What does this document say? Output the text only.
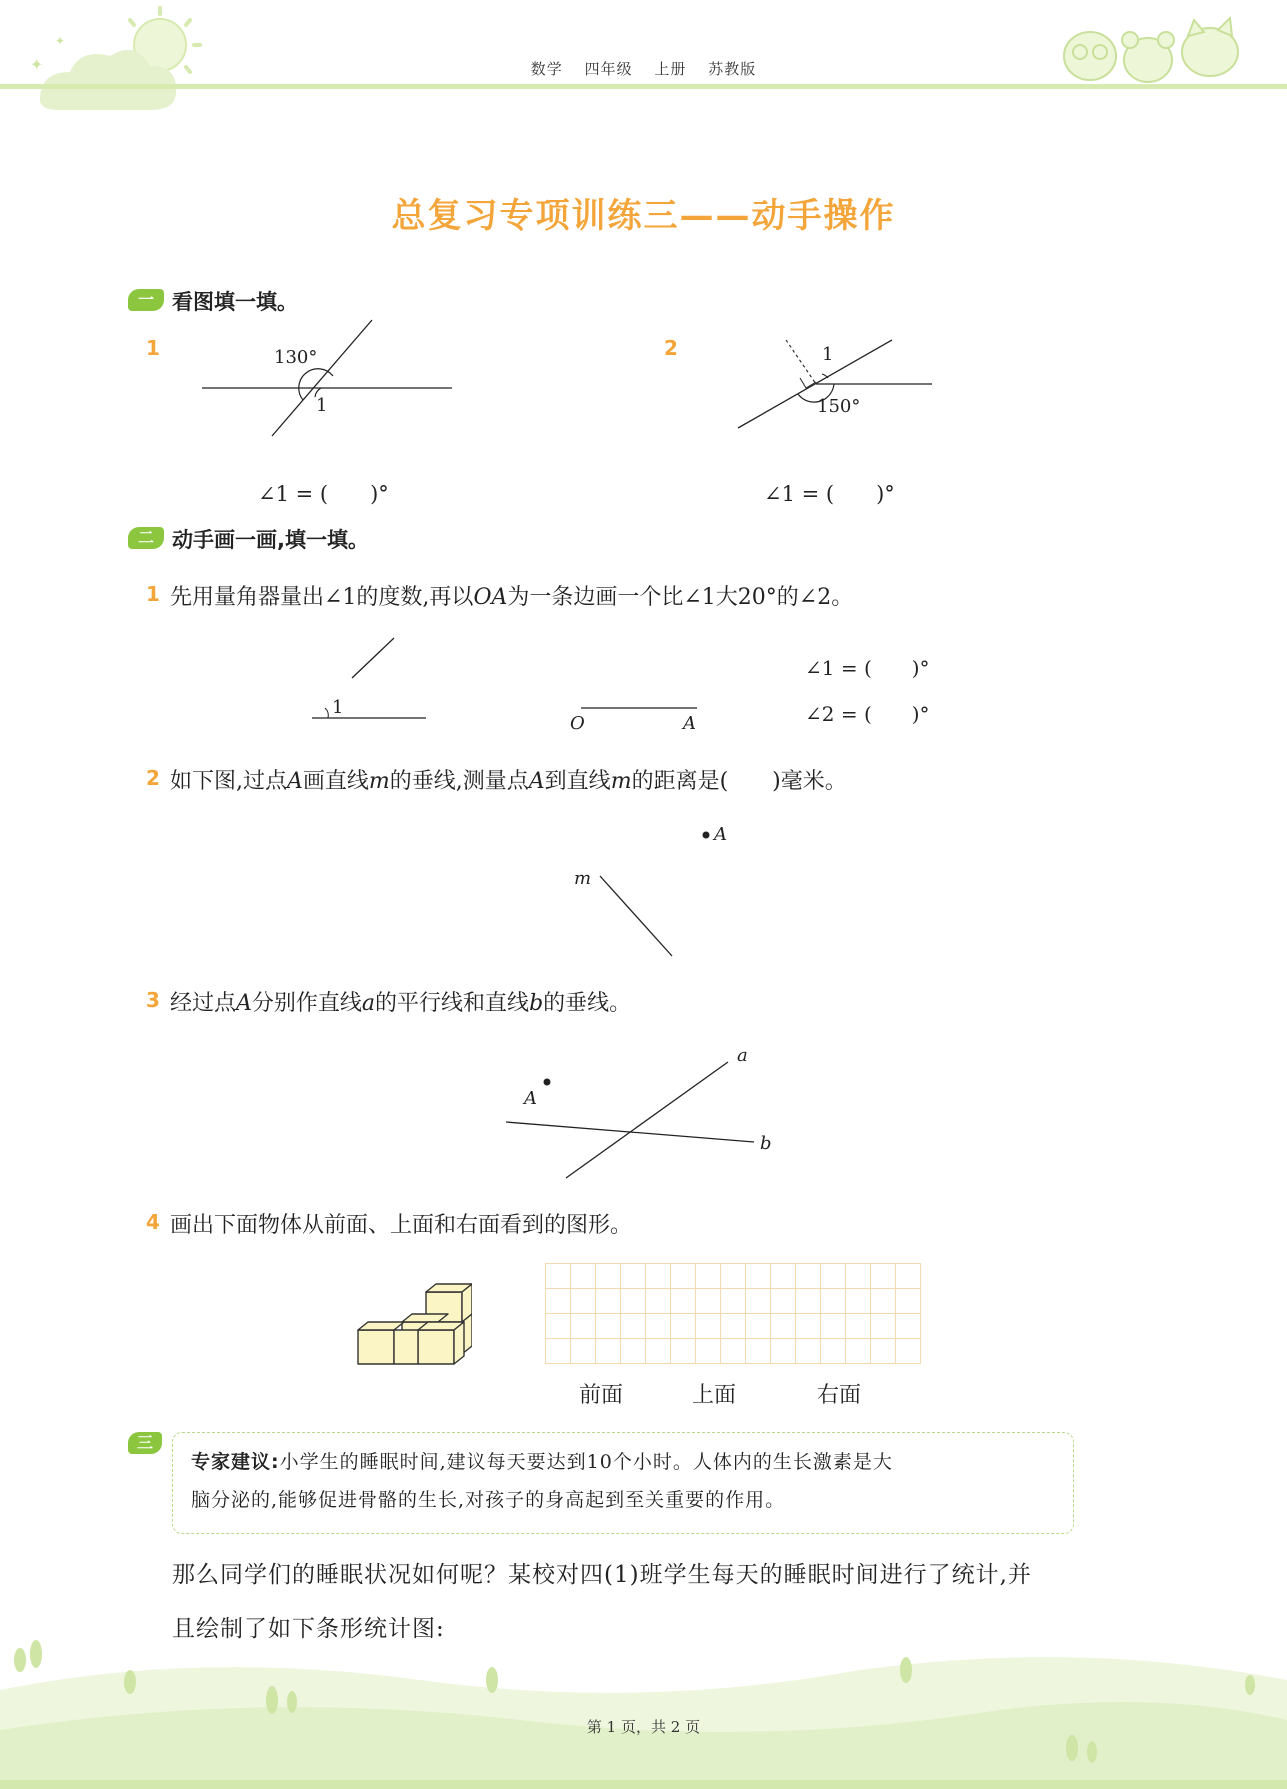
✦
✦
数学 四年级 上册 苏教版
总复习专项训练三——动手操作
一 看图填一填。
1	130°
1
∠1 = (　　)°
2	1
150°
∠1 = (　　)°
二 动手画一画,填一填。
1 先用量角器量出∠1的度数,再以OA为一条边画一个比∠1大20°的∠2。
1
O	A
∠1 = (　　)°
∠2 = (　　)°
2 如下图,过点A画直线m的垂线,测量点A到直线m的距离是(　　)毫米。
A
m
3 经过点A分别作直线a的平行线和直线b的垂线。
A
a
b
4 画出下面物体从前面、上面和右面看到的图形。
前面	上面	右面
三
专家建议:小学生的睡眠时间,建议每天要达到10个小时。人体内的生长激素是大
脑分泌的,能够促进骨骼的生长,对孩子的身高起到至关重要的作用。
那么同学们的睡眠状况如何呢？某校对四(1)班学生每天的睡眠时间进行了统计,并
且绘制了如下条形统计图:
第 1 页，共 2 页
